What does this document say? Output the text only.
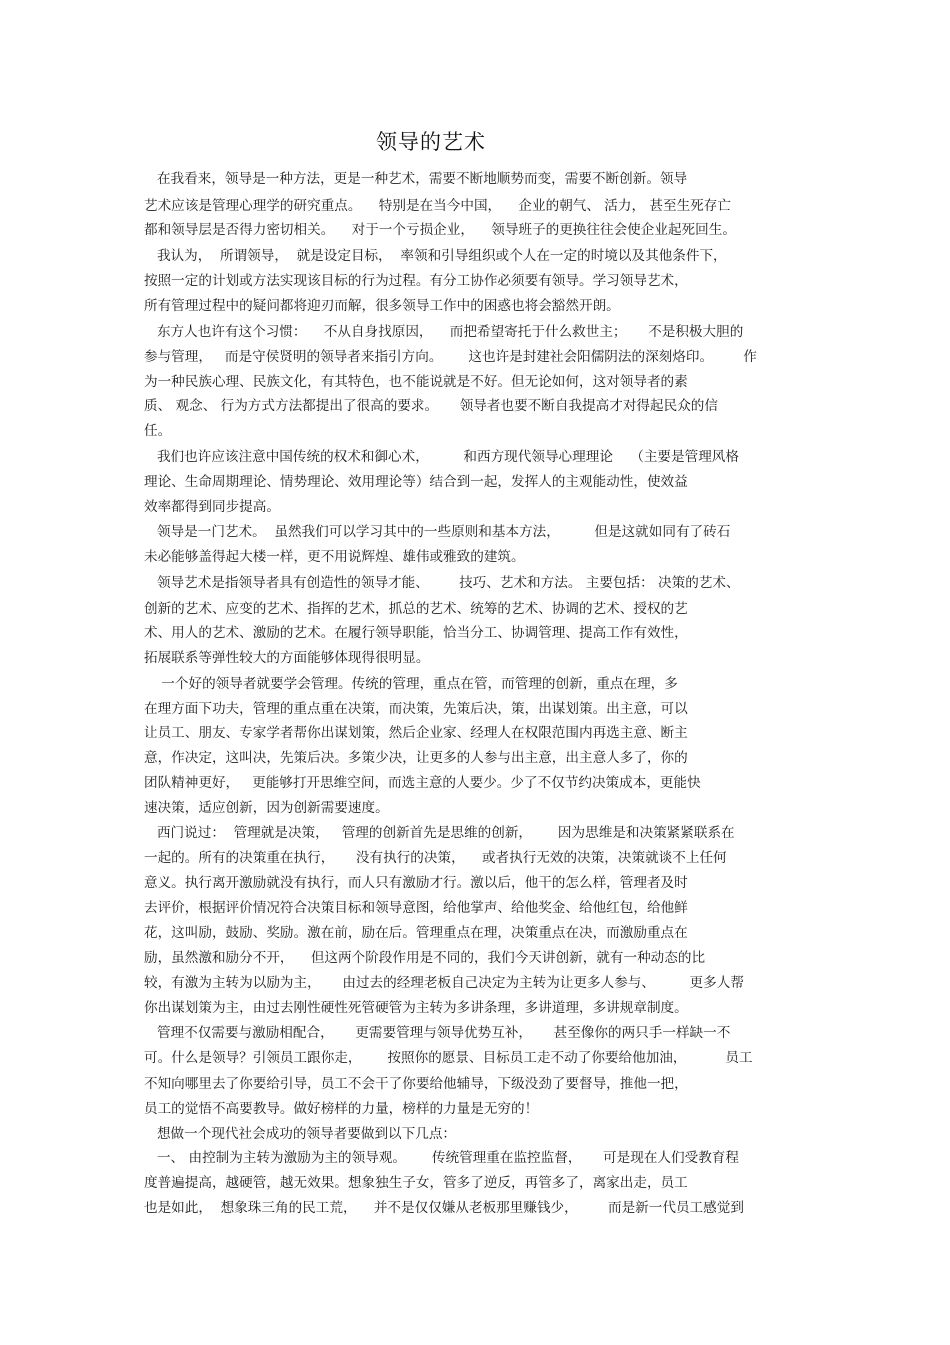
领导的艺术
在我看来，领导是一种方法，更是一种艺术，需要不断地顺势而变，需要不断创新。领导
艺术应该是管理心理学的研究重点。    特别是在当今中国，    企业的朝气、 活力， 甚至生死存亡
都和领导层是否得力密切相关。    对于一个亏损企业，    领导班子的更换往往会使企业起死回生。
我认为，  所谓领导，  就是设定目标，  率领和引导组织或个人在一定的时境以及其他条件下，
按照一定的计划或方法实现该目标的行为过程。有分工协作必须要有领导。学习领导艺术，
所有管理过程中的疑问都将迎刃而解，很多领导工作中的困惑也将会豁然开朗。
东方人也许有这个习惯：    不从自身找原因，    而把希望寄托于什么救世主；     不是积极大胆的
参与管理，   而是守侯贤明的领导者来指引方向。      这也许是封建社会阳儒阴法的深刻烙印。       作
为一种民族心理、民族文化，有其特色，也不能说就是不好。但无论如何，这对领导者的素
质、 观念、 行为方式方法都提出了很高的要求。     领导者也要不断自我提高才对得起民众的信
任。
我们也许应该注意中国传统的权术和御心术，        和西方现代领导心理理论    （主要是管理风格
理论、生命周期理论、情势理论、效用理论等）结合到一起，发挥人的主观能动性，使效益
效率都得到同步提高。
领导是一门艺术。  虽然我们可以学习其中的一些原则和基本方法，        但是这就如同有了砖石
未必能够盖得起大楼一样，更不用说辉煌、雄伟或雅致的建筑。
领导艺术是指领导者具有创造性的领导才能、       技巧、艺术和方法。 主要包括： 决策的艺术、
创新的艺术、应变的艺术、指挥的艺术，抓总的艺术、统筹的艺术、协调的艺术、授权的艺
术、用人的艺术、激励的艺术。在履行领导职能，恰当分工、协调管理、提高工作有效性，
拓展联系等弹性较大的方面能够体现得很明显。
一个好的领导者就要学会管理。传统的管理，重点在管，而管理的创新，重点在理，多
在理方面下功夫，管理的重点重在决策，而决策，先策后决，策，出谋划策。出主意，可以
让员工、朋友、专家学者帮你出谋划策，然后企业家、经理人在权限范围内再选主意、断主
意，作决定，这叫决，先策后决。多策少决，让更多的人参与出主意，出主意人多了，你的
团队精神更好，   更能够打开思维空间，而选主意的人要少。少了不仅节约决策成本，更能快
速决策，适应创新，因为创新需要速度。
西门说过：  管理就是决策，   管理的创新首先是思维的创新，      因为思维是和决策紧紧联系在
一起的。所有的决策重在执行，     没有执行的决策，    或者执行无效的决策，决策就谈不上任何
意义。执行离开激励就没有执行，而人只有激励才行。激以后，他干的怎么样，管理者及时
去评价，根据评价情况符合决策目标和领导意图，给他掌声、给他奖金、给他红包，给他鲜
花，这叫励，鼓励、奖励。激在前，励在后。管理重点在理，决策重点在决，而激励重点在
励，虽然激和励分不开，    但这两个阶段作用是不同的，我们今天讲创新，就有一种动态的比
较，有激为主转为以励为主，     由过去的经理老板自己决定为主转为让更多人参与、        更多人帮
你出谋划策为主，由过去刚性硬性死管硬管为主转为多讲条理，多讲道理，多讲规章制度。
管理不仅需要与激励相配合，     更需要管理与领导优势互补，     甚至像你的两只手一样缺一不
可。什么是领导？引领员工跟你走，      按照你的愿景、目标员工走不动了你要给他加油，         员工
不知向哪里去了你要给引导，员工不会干了你要给他辅导，下级没劲了要督导，推他一把，
员工的觉悟不高要教导。做好榜样的力量，榜样的力量是无穷的！
想做一个现代社会成功的领导者要做到以下几点：
一、 由控制为主转为激励为主的领导观。      传统管理重在监控监督，     可是现在人们受教育程
度普遍提高，越硬管，越无效果。想象独生子女，管多了逆反，再管多了，离家出走，员工
也是如此，  想象珠三角的民工荒，    并不是仅仅嫌从老板那里赚钱少，       而是新一代员工感觉到
